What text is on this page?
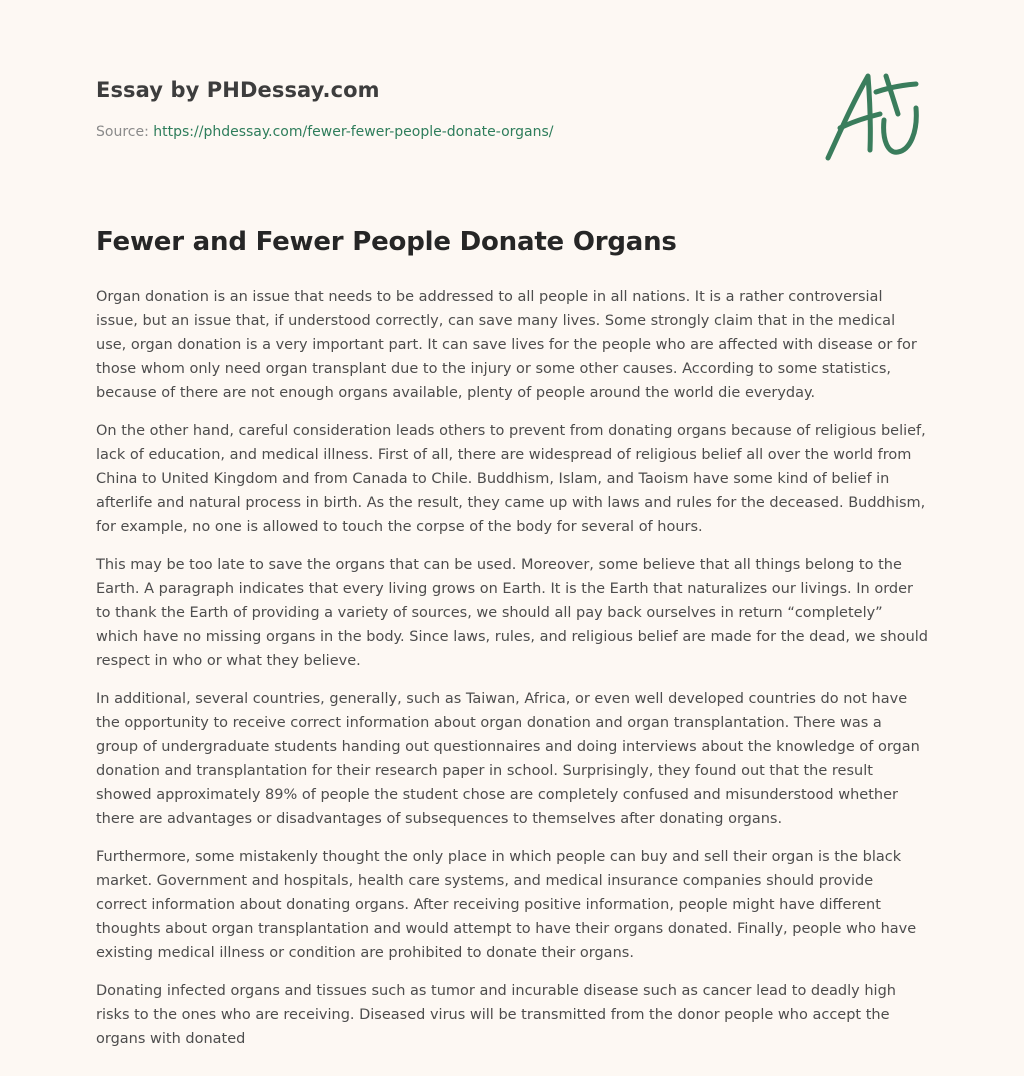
Essay by PHDessay.com
Source: https://phdessay.com/fewer-fewer-people-donate-organs/
Fewer and Fewer People Donate Organs

Organ donation is an issue that needs to be addressed to all people in all nations. It is a rather controversial issue, but an issue that, if understood correctly, can save many lives. Some strongly claim that in the medical use, organ donation is a very important part. It can save lives for the people who are affected with disease or for those whom only need organ transplant due to the injury or some other causes. According to some statistics, because of there are not enough organs available, plenty of people around the world die everyday.

On the other hand, careful consideration leads others to prevent from donating organs because of religious belief, lack of education, and medical illness. First of all, there are widespread of religious belief all over the world from China to United Kingdom and from Canada to Chile. Buddhism, Islam, and Taoism have some kind of belief in afterlife and natural process in birth. As the result, they came up with laws and rules for the deceased. Buddhism, for example, no one is allowed to touch the corpse of the body for several of hours.

This may be too late to save the organs that can be used. Moreover, some believe that all things belong to the Earth. A paragraph indicates that every living grows on Earth. It is the Earth that naturalizes our livings. In order to thank the Earth of providing a variety of sources, we should all pay back ourselves in return “completely” which have no missing organs in the body. Since laws, rules, and religious belief are made for the dead, we should respect in who or what they believe.

In additional, several countries, generally, such as Taiwan, Africa, or even well developed countries do not have the opportunity to receive correct information about organ donation and organ transplantation. There was a group of undergraduate students handing out questionnaires and doing interviews about the knowledge of organ donation and transplantation for their research paper in school. Surprisingly, they found out that the result showed approximately 89% of people the student chose are completely confused and misunderstood whether there are advantages or disadvantages of subsequences to themselves after donating organs.

Furthermore, some mistakenly thought the only place in which people can buy and sell their organ is the black market. Government and hospitals, health care systems, and medical insurance companies should provide correct information about donating organs. After receiving positive information, people might have different thoughts about organ transplantation and would attempt to have their organs donated. Finally, people who have existing medical illness or condition are prohibited to donate their organs.

Donating infected organs and tissues such as tumor and incurable disease such as cancer lead to deadly high risks to the ones who are receiving. Diseased virus will be transmitted from the donor people who accept the organs with donated
